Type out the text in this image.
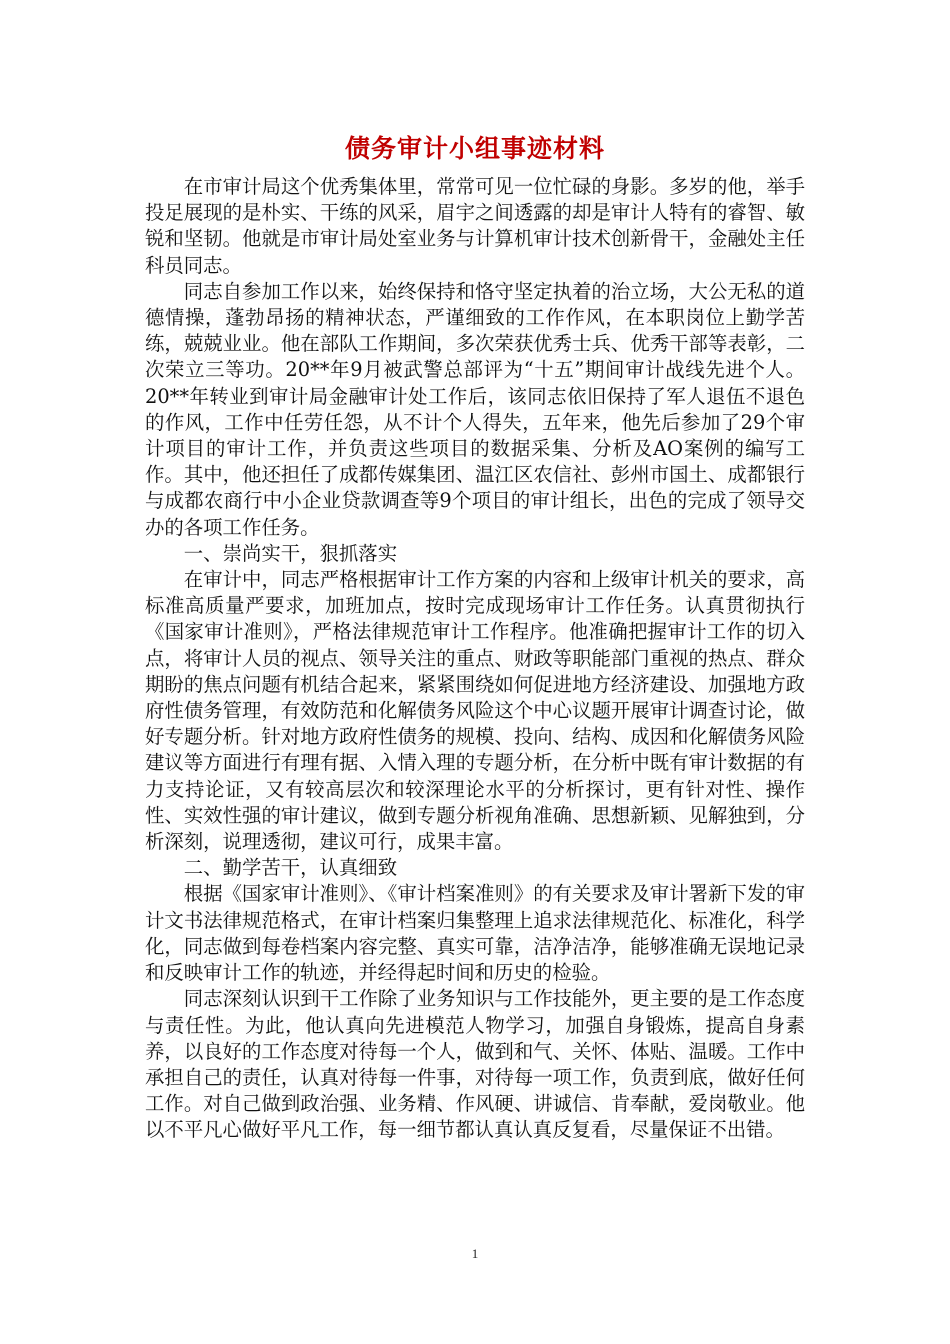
债务审计小组事迹材料

在市审计局这个优秀集体里，常常可见一位忙碌的身影。多岁的他，举手投足展现的是朴实、干练的风采，眉宇之间透露的却是审计人特有的睿智、敏锐和坚韧。他就是市审计局处室业务与计算机审计技术创新骨干，金融处主任科员同志。

同志自参加工作以来，始终保持和恪守坚定执着的治立场，大公无私的道德情操，蓬勃昂扬的精神状态，严谨细致的工作作风，在本职岗位上勤学苦练，兢兢业业。他在部队工作期间，多次荣获优秀士兵、优秀干部等表彰，二次荣立三等功。20**年9月被武警总部评为“十五”期间审计战线先进个人。20**年转业到审计局金融审计处工作后，该同志依旧保持了军人退伍不退色的作风，工作中任劳任怨，从不计个人得失，五年来，他先后参加了29个审计项目的审计工作，并负责这些项目的数据采集、分析及AO案例的编写工作。其中，他还担任了成都传媒集团、温江区农信社、彭州市国土、成都银行与成都农商行中小企业贷款调查等9个项目的审计组长，出色的完成了领导交办的各项工作任务。

一、崇尚实干，狠抓落实

在审计中，同志严格根据审计工作方案的内容和上级审计机关的要求，高标准高质量严要求，加班加点，按时完成现场审计工作任务。认真贯彻执行《国家审计准则》，严格法律规范审计工作程序。他准确把握审计工作的切入点，将审计人员的视点、领导关注的重点、财政等职能部门重视的热点、群众期盼的焦点问题有机结合起来，紧紧围绕如何促进地方经济建设、加强地方政府性债务管理，有效防范和化解债务风险这个中心议题开展审计调查讨论，做好专题分析。针对地方政府性债务的规模、投向、结构、成因和化解债务风险建议等方面进行有理有据、入情入理的专题分析，在分析中既有审计数据的有力支持论证，又有较高层次和较深理论水平的分析探讨，更有针对性、操作性、实效性强的审计建议，做到专题分析视角准确、思想新颖、见解独到，分析深刻，说理透彻，建议可行，成果丰富。

二、勤学苦干，认真细致

根据《国家审计准则》、《审计档案准则》的有关要求及审计署新下发的审计文书法律规范格式，在审计档案归集整理上追求法律规范化、标准化，科学化，同志做到每卷档案内容完整、真实可靠，洁净洁净，能够准确无误地记录和反映审计工作的轨迹，并经得起时间和历史的检验。

同志深刻认识到干工作除了业务知识与工作技能外，更主要的是工作态度与责任性。为此，他认真向先进模范人物学习，加强自身锻炼，提高自身素养，以良好的工作态度对待每一个人，做到和气、关怀、体贴、温暖。工作中承担自己的责任，认真对待每一件事，对待每一项工作，负责到底，做好任何工作。对自己做到政治强、业务精、作风硬、讲诚信、肯奉献，爱岗敬业。他以不平凡心做好平凡工作，每一细节都认真认真反复看，尽量保证不出错。

1
